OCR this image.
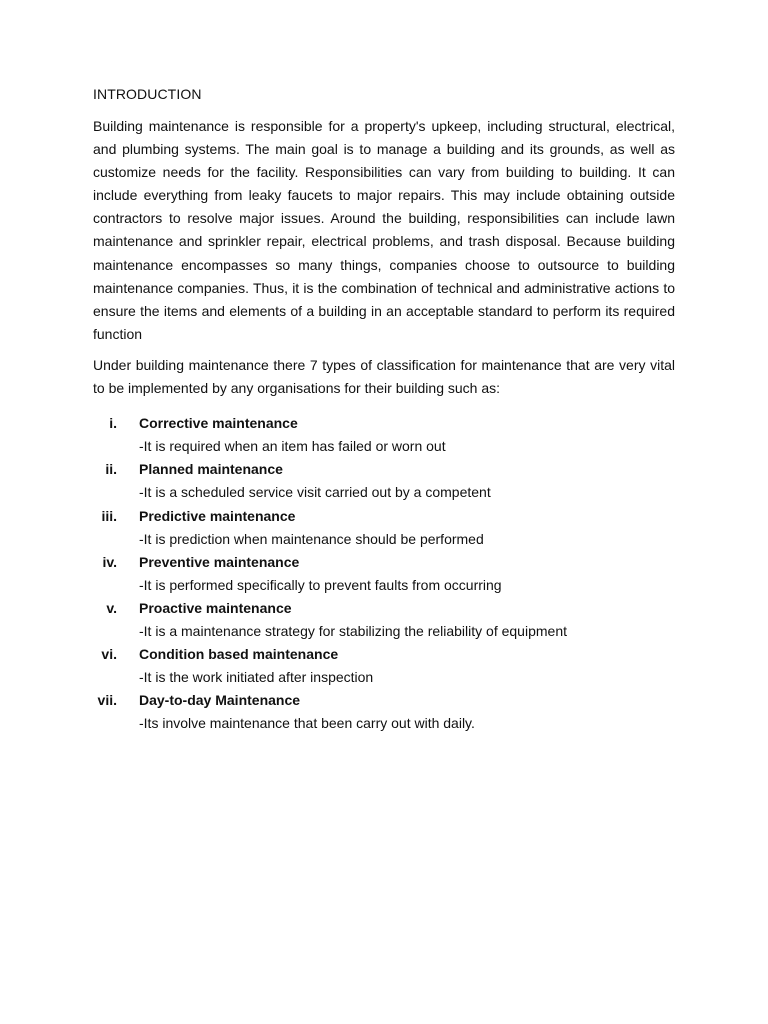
INTRODUCTION

Building maintenance is responsible for a property's upkeep, including structural, electrical, and plumbing systems. The main goal is to manage a building and its grounds, as well as customize needs for the facility. Responsibilities can vary from building to building. It can include everything from leaky faucets to major repairs. This may include obtaining outside contractors to resolve major issues. Around the building, responsibilities can include lawn maintenance and sprinkler repair, electrical problems, and trash disposal. Because building maintenance encompasses so many things, companies choose to outsource to building maintenance companies. Thus, it is the combination of technical and administrative actions to ensure the items and elements of a building in an acceptable standard to perform its required function

Under building maintenance there 7 types of classification for maintenance that are very vital to be implemented by any organisations for their building such as:

i. Corrective maintenance
-It is required when an item has failed or worn out
ii. Planned maintenance
-It is a scheduled service visit carried out by a competent
iii. Predictive maintenance
-It is prediction when maintenance should be performed
iv. Preventive maintenance
-It is performed specifically to prevent faults from occurring
v. Proactive maintenance
-It is a maintenance strategy for stabilizing the reliability of equipment
vi. Condition based maintenance
-It is the work initiated after inspection
vii. Day-to-day Maintenance
-Its involve maintenance that been carry out with daily.
